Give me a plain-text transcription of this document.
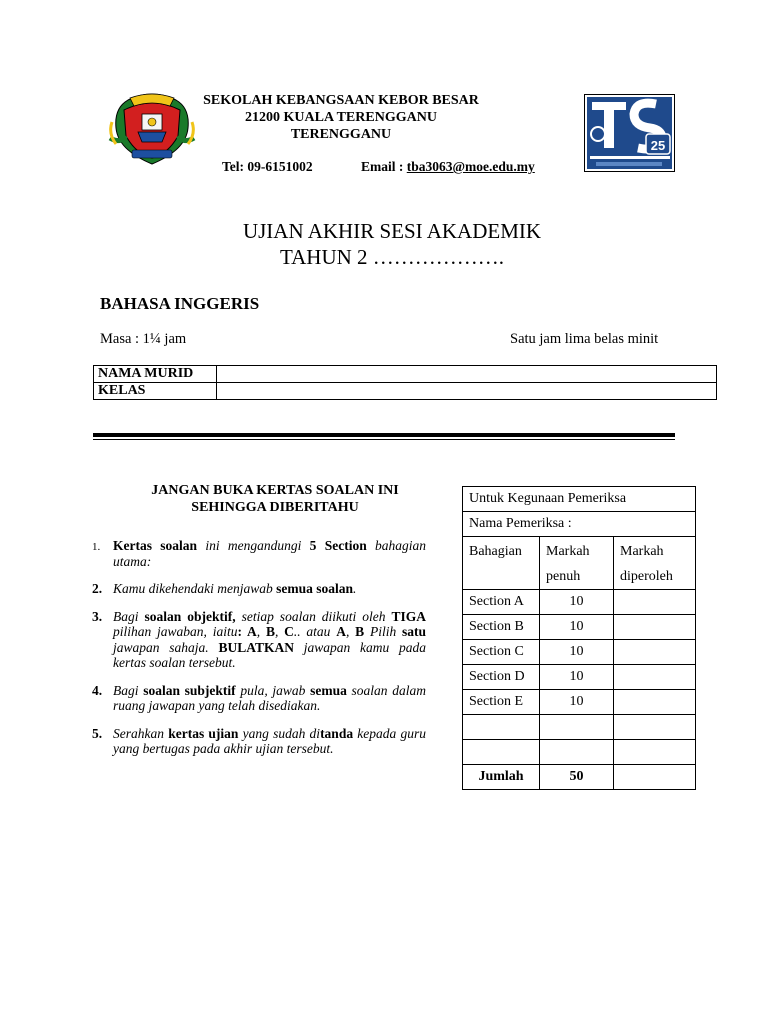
SEKOLAH KEBANGSAAN KEBOR BESAR
21200 KUALA TERENGGANU
TERENGGANU
Tel: 09-6151002	Email : tba3063@moe.edu.my
25
UJIAN AKHIR SESI AKADEMIK
TAHUN 2 ……………….
BAHASA INGGERIS
Masa : 1¼ jam	Satu jam lima belas minit
NAMA MURID	
KELAS	
JANGAN BUKA KERTAS SOALAN INI
SEHINGGA DIBERITAHU
1. Kertas soalan ini mengandungi 5 Section bahagian utama:
2. Kamu dikehendaki menjawab semua soalan.
3. Bagi soalan objektif, setiap soalan diikuti oleh TIGA pilihan jawaban, iaitu: A, B, C.. atau A, B Pilih satu jawapan sahaja. BULATKAN jawapan kamu pada kertas soalan tersebut.
4. Bagi soalan subjektif pula, jawab semua soalan dalam ruang jawapan yang telah disediakan.
5. Serahkan kertas ujian yang sudah ditanda kepada guru yang bertugas pada akhir ujian tersebut.
Untuk Kegunaan Pemeriksa		
Nama Pemeriksa :		
Bahagian	Markah penuh	Markah diperoleh
Section A	10	
Section B	10	
Section C	10	
Section D	10	
Section E	10	

Jumlah	50	
